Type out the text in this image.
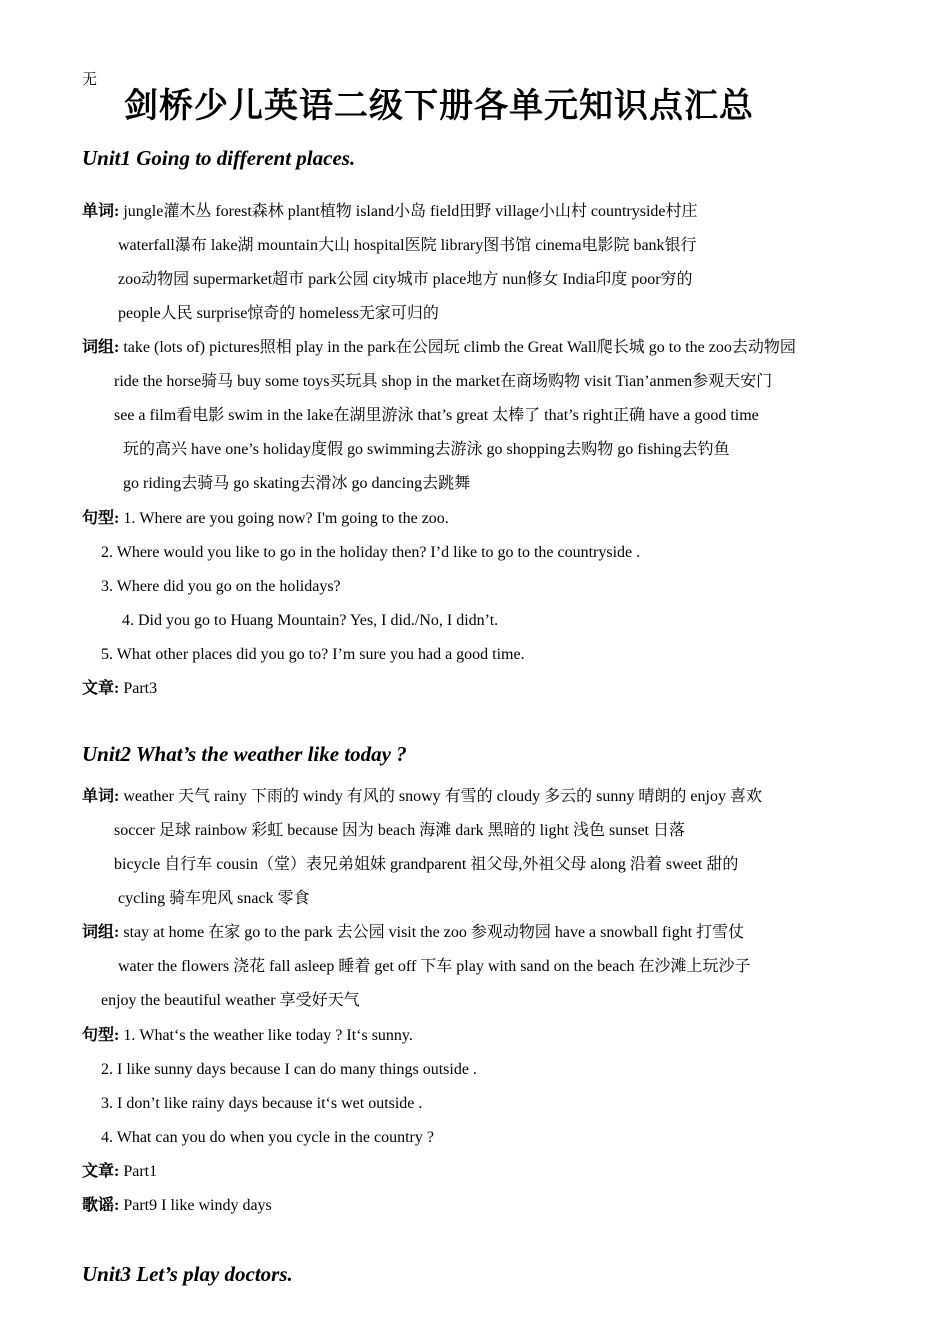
无
剑桥少儿英语二级下册各单元知识点汇总
Unit1 Going to different places.
单词: jungle灌木丛 forest森林 plant植物 island小岛 field田野 village小山村 countryside村庄
waterfall瀑布 lake湖 mountain大山 hospital医院 library图书馆 cinema电影院 bank银行
zoo动物园 supermarket超市 park公园 city城市 place地方 nun修女 India印度 poor穷的
people人民 surprise惊奇的 homeless无家可归的
词组: take (lots of) pictures照相 play in the park在公园玩 climb the Great Wall爬长城 go to the zoo去动物园
ride the horse骑马 buy some toys买玩具 shop in the market在商场购物 visit Tian’anmen参观天安门
see a film看电影 swim in the lake在湖里游泳 that’s great 太棒了 that’s right正确 have a good time
玩的高兴 have one’s holiday度假 go swimming去游泳 go shopping去购物 go fishing去钓鱼
go riding去骑马 go skating去滑冰 go dancing去跳舞
句型: 1. Where are you going now? I'm going to the zoo.
2. Where would you like to go in the holiday then? I’d like to go to the countryside .
3. Where did you go on the holidays?
4. Did you go to Huang Mountain? Yes, I did./No, I didn’t.
5. What other places did you go to? I’m sure you had a good time.
文章: Part3
Unit2 What’s the weather like today ?
单词: weather 天气 rainy 下雨的 windy 有风的 snowy 有雪的 cloudy 多云的 sunny 晴朗的 enjoy 喜欢
soccer 足球 rainbow 彩虹 because 因为 beach 海滩 dark 黑暗的 light 浅色 sunset 日落
bicycle 自行车 cousin（堂）表兄弟姐妹 grandparent 祖父母,外祖父母 along 沿着 sweet 甜的
cycling 骑车兜风 snack 零食
词组: stay at home 在家 go to the park 去公园 visit the zoo 参观动物园 have a snowball fight 打雪仗
water the flowers 浇花 fall asleep 睡着 get off 下车 play with sand on the beach 在沙滩上玩沙子
enjoy the beautiful weather 享受好天气
句型: 1. What‘s the weather like today ? It‘s sunny.
2. I like sunny days because I can do many things outside .
3. I don’t like rainy days because it‘s wet outside .
4. What can you do when you cycle in the country ?
文章: Part1
歌谣: Part9 I like windy days
Unit3 Let’s play doctors.
